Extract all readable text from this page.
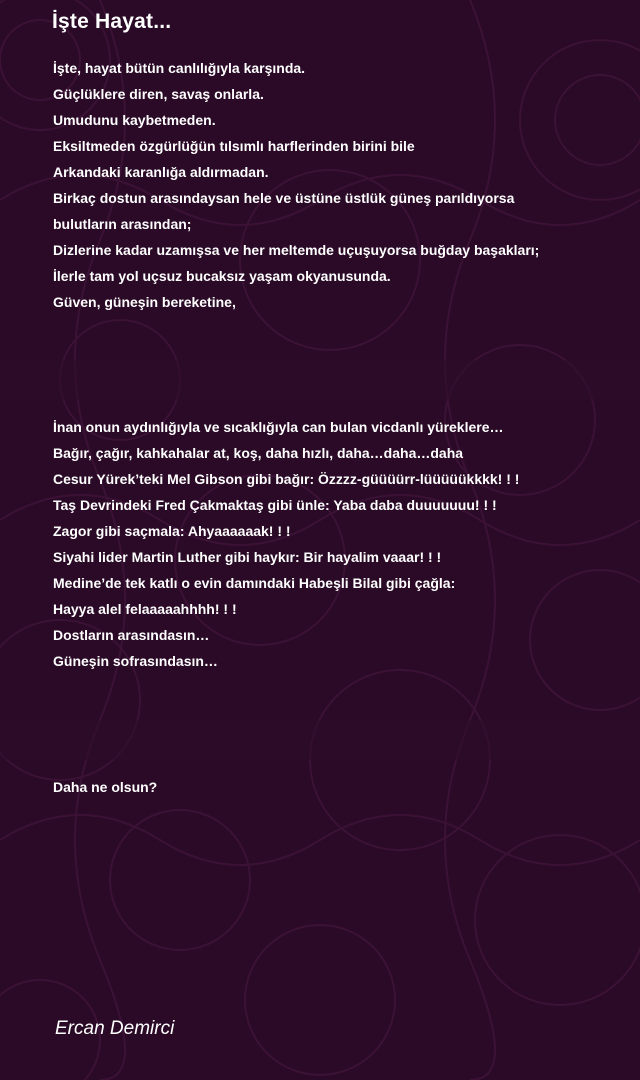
İşte Hayat...
İşte, hayat bütün canlılığıyla karşında.
Güçlüklere diren, savaş onlarla.
Umudunu kaybetmeden.
Eksiltmeden özgürlüğün tılsımlı harflerinden birini bile
Arkandaki karanlığa aldırmadan.
Birkaç dostun arasındaysan hele ve üstüne üstlük güneş parıldıyorsa
bulutların arasından;
Dizlerine kadar uzamışsa ve her meltemde uçuşuyorsa buğday başakları;
İlerle tam yol uçsuz bucaksız yaşam okyanusunda.
Güven, güneşin bereketine,
İnan onun aydınlığıyla ve sıcaklığıyla can bulan vicdanlı yüreklere…
Bağır, çağır, kahkahalar at, koş, daha hızlı, daha…daha…daha
Cesur Yürek’teki Mel Gibson gibi bağır: Özzzz-güüüürr-lüüüüükkkk! ! !
Taş Devrindeki Fred Çakmaktaş gibi ünle: Yaba daba duuuuuuu! ! !
Zagor gibi saçmala: Ahyaaaaaak! ! !
Siyahi lider Martin Luther gibi haykır: Bir hayalim vaaar! ! !
Medine’de tek katlı o evin damındaki Habeşli Bilal gibi çağla:
Hayya alel felaaaaahhhh! ! !
Dostların arasındasın…
Güneşin sofrasındasın…
Daha ne olsun?
Ercan Demirci
